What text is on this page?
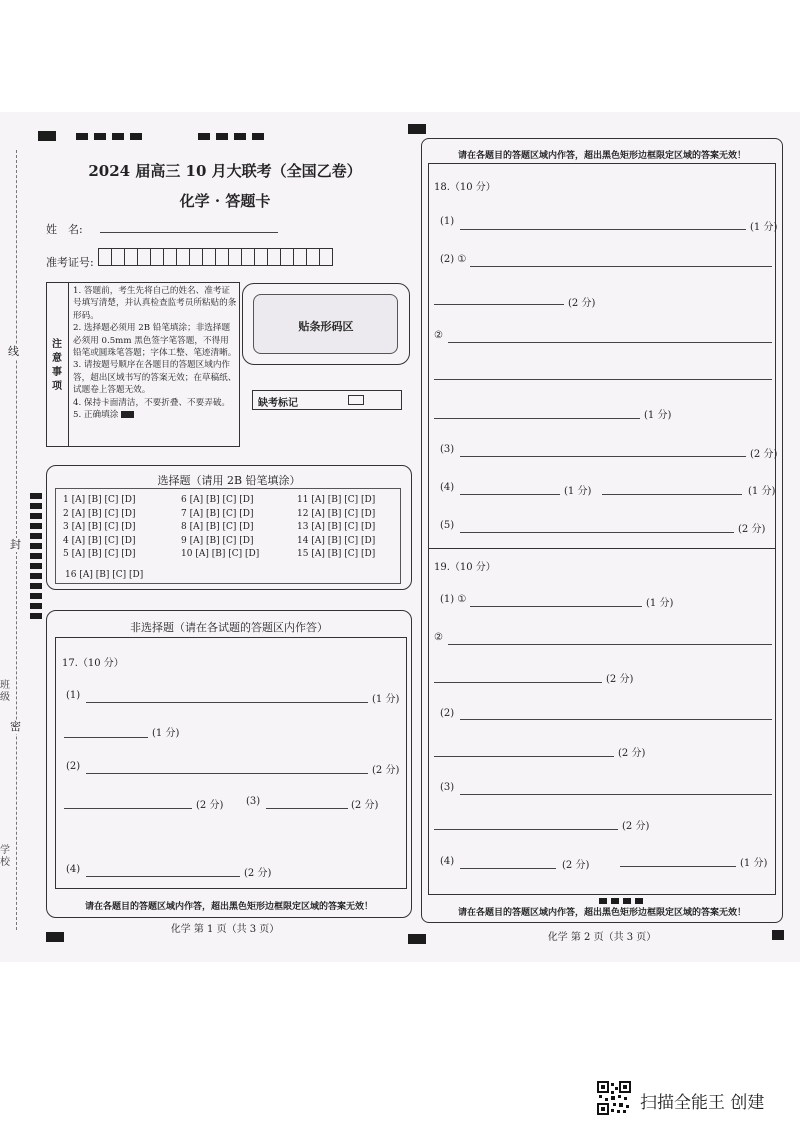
线
封
密
班级
学校
2024 届高三 10 月大联考（全国乙卷）
化学 · 答题卡
姓　名:
准考证号:
注意事项
1. 答题前，考生先将自己的姓名、准考证号填写清楚，并认真检查监考员所粘贴的条形码。
2. 选择题必须用 2B 铅笔填涂；非选择题必须用 0.5mm 黑色签字笔答题，不得用铅笔或圆珠笔答题；字体工整、笔迹清晰。
3. 请按题号顺序在各题目的答题区域内作答，超出区域书写的答案无效；在草稿纸、试题卷上答题无效。
4. 保持卡面清洁，不要折叠、不要弄破。
5. 正确填涂
贴条形码区
缺考标记
选择题（请用 2B 铅笔填涂）
1 [A] [B] [C] [D]
2 [A] [B] [C] [D]
3 [A] [B] [C] [D]
4 [A] [B] [C] [D]
5 [A] [B] [C] [D]
6 [A] [B] [C] [D]
7 [A] [B] [C] [D]
8 [A] [B] [C] [D]
9 [A] [B] [C] [D]
10 [A] [B] [C] [D]
11 [A] [B] [C] [D]
12 [A] [B] [C] [D]
13 [A] [B] [C] [D]
14 [A] [B] [C] [D]
15 [A] [B] [C] [D]
16 [A] [B] [C] [D]
非选择题（请在各试题的答题区内作答）
请在各题目的答题区域内作答，超出黑色矩形边框限定区域的答案无效！
17.（10 分）
(1)	(1 分)
(1 分)
(2)	(2 分)
(2 分) (3)	(2 分)
(4)	(2 分)
化学 第 1 页（共 3 页）
请在各题目的答题区域内作答，超出黑色矩形边框限定区域的答案无效！
18.（10 分）
(1)
(1 分)
(2) ①
(2 分)
②
(1 分)
(3)	(2 分)
(4)	(1 分)	(1 分)
(5)	(2 分)
19.（10 分）
(1) ①	(1 分)
②
(2 分)
(2)
(2 分)
(3)
(2 分)
(4)	(2 分)	(1 分)
请在各题目的答题区域内作答，超出黑色矩形边框限定区域的答案无效！
化学 第 2 页（共 3 页）
扫描全能王 创建
